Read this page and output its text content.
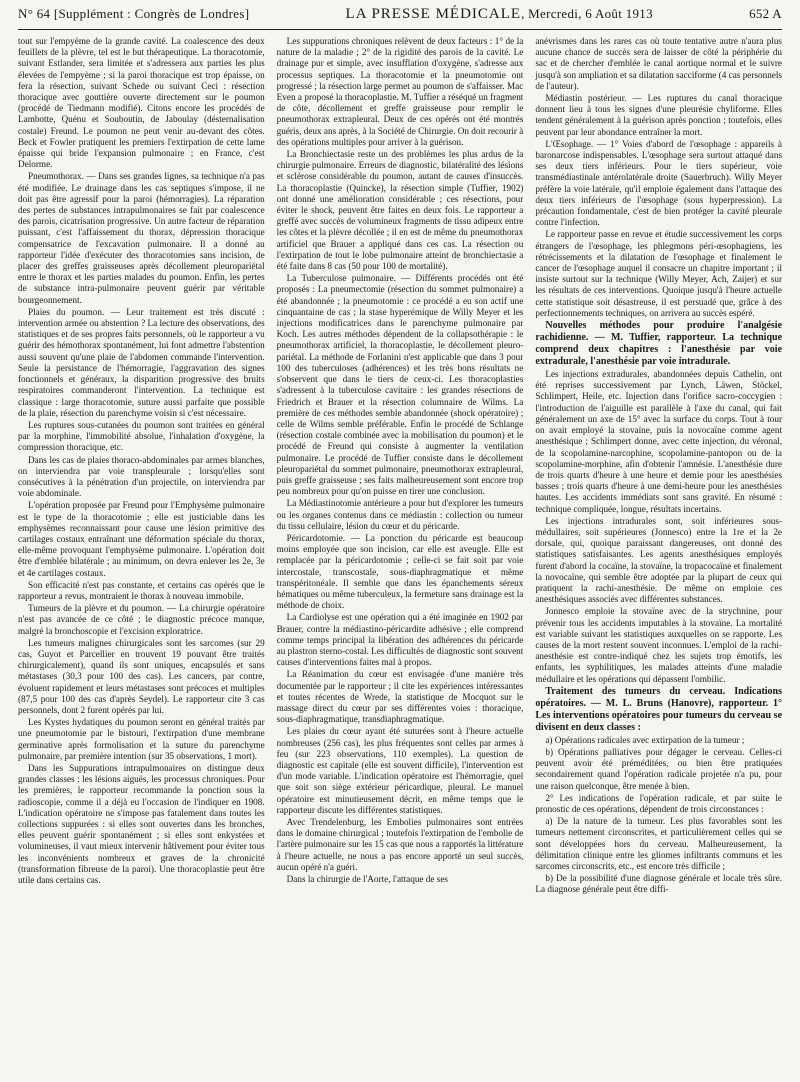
N° 64 [Supplément : Congrès de Londres]	LA PRESSE MÉDICALE, Mercredi, 6 Août 1913	652 A

tout sur l'empyème de la grande cavité. La coalescence des deux feuillets de la plèvre, tel est le but thérapeutique. La thoracotomie, suivant Estlander, sera limitée et s'adressera aux parties les plus élevées de l'empyème ; si la paroi thoracique est trop épaisse, on fera la résection, suivant Schede ou suivant Ceci : résection thoracique avec gouttière ouverte directement sur le poumon (procédé de Tiedmann modifié). Citons encore les procédés de Lambotte, Quénu et Souboutin, de Jaboulay (désternalisation costale) Freund. Le poumon ne peut venir au-devant des côtes. Beck et Fowler pratiquent les premiers l'extirpation de cette lame épaisse qui bride l'expansion pulmonaire ; en France, c'est Delorme.

Pneumothorax. — Dans ses grandes lignes, sa technique n'a pas été modifiée. Le drainage dans les cas septiques s'impose, il ne doit pas être agressif pour la paroi (hémorragies). La réparation des pertes de substances intrapulmonaires se fait par coalescence des parois, cicatrisation progressive. Un autre facteur de réparation puissant, c'est l'affaissement du thorax, dépression thoracique compensatrice de l'excavation pulmonaire. Il a donné au rapporteur l'idée d'exécuter des thoracotomies sans incision, de placer des greffes graisseuses après décollement pleuropariétal entre le thorax et les parties malades du poumon. Enfin, les pertes de substance intra-pulmonaire peuvent guérir par véritable bourgeonnement.

Plaies du poumon. — Leur traitement est très discuté : intervention armée ou abstention ? La lecture des observations, des statistiques et de ses propres faits personnels, où le rapporteur a vu guérir des hémothorax spontanément, lui font admettre l'abstention aussi souvent qu'une plaie de l'abdomen commande l'intervention. Seule la persistance de l'hémorragie, l'aggravation des signes fonctionnels et généraux, la disparition progressive des bruits respiratoires commanderont l'intervention. La technique est classique : large thoracotomie, suture aussi parfaite que possible de la plaie, résection du parenchyme voisin si c'est nécessaire.

Les ruptures sous-cutanées du poumon sont traitées en général par la morphine, l'immobilité absolue, l'inhalation d'oxygène, la compression thoracique, etc.

Dans les cas de plaies thoraco-abdominales par armes blanches, on interviendra par voie transpleurale ; lorsqu'elles sont consécutives à la pénétration d'un projectile, on interviendra par voie abdominale.

L'opération proposée par Freund pour l'Emphysème pulmonaire est le type de la thoracotomie ; elle est justiciable dans les emphysèmes reconnaissant pour cause une lésion primitive des cartilages costaux entraînant une déformation spéciale du thorax, elle-même provoquant l'emphysème pulmonaire. L'opération doit être d'emblée bilatérale ; au minimum, on devra enlever les 2e, 3e et 4e cartilages costaux.

Son efficacité n'est pas constante, et certains cas opérés que le rapporteur a revus, montraient le thorax à nouveau immobile.

Tumeurs de la plèvre et du poumon. — La chirurgie opératoire n'est pas avancée de ce côté ; le diagnostic précoce manque, malgré la bronchoscopie et l'excision exploratrice.

Les tumeurs malignes chirurgicales sont les sarcomes (sur 29 cas, Guyot et Parcellier en trouvent 19 pouvant être traités chirurgicalement), quand ils sont uniques, encapsulés et sans métastases (30,3 pour 100 des cas). Les cancers, par contre, évoluent rapidement et leurs métastases sont précoces et multiples (87,5 pour 100 des cas d'après Seydel). Le rapporteur cite 3 cas personnels, dont 2 furent opérés par lui.

Les Kystes hydatiques du poumon seront en général traités par une pneumotomie par le bistouri, l'extirpation d'une membrane germinative après formolisation et la suture du parenchyme pulmonaire, par première intention (sur 35 observations, 1 mort).

Dans les Suppurations intrapulmonaires on distingue deux grandes classes : les lésions aiguës, les processus chroniques. Pour les premières, le rapporteur recommande la ponction sous la radioscopie, comme il a déjà eu l'occasion de l'indiquer en 1908. L'indication opératoire ne s'impose pas fatalement dans toutes les collections suppurées : si elles sont ouvertes dans les bronches, elles peuvent guérir spontanément ; si elles sont enkystées et volumineuses, il vaut mieux intervenir hâtivement pour éviter tous les inconvénients nombreux et graves de la chronicité (transformation fibreuse de la paroi). Une thoracoplastie peut être utile dans certains cas.

Les suppurations chroniques relèvent de deux facteurs : 1° de la nature de la maladie ; 2° de la rigidité des parois de la cavité. Le drainage pur et simple, avec insufflation d'oxygène, s'adresse aux processus septiques. La thoracotomie et la pneumotomie ont progressé ; la résection large permet au poumon de s'affaisser. Mac Even a proposé la thoracoplastie. M. Tuffier a réséqué un fragment de côte, décollement et greffe graisseuse pour remplir le pneumothorax extrapleural. Deux de ces opérés ont été montrés guéris, deux ans après, à la Société de Chirurgie. On doit recourir à des opérations multiples pour arriver à la guérison.

La Bronchiectasie reste un des problèmes les plus ardus de la chirurgie pulmonaire. Erreurs de diagnostic, bilatéralité des lésions et sclérose considérable du poumon, autant de causes d'insuccès. La thoracoplastie (Quincke), la résection simple (Tuffier, 1902) ont donné une amélioration considérable ; ces résections, pour éviter le shock, peuvent être faites en deux fois. Le rapporteur a greffé avec succès de volumineux fragments de tissu adipeux entre les côtes et la plèvre décollée ; il en est de même du pneumothorax artificiel que Brauer a appliqué dans ces cas. La résection ou l'extirpation de tout le lobe pulmonaire atteint de bronchiectasie a été faite dans 8 cas (50 pour 100 de mortalité).

La Tuberculose pulmonaire. — Différents procédés ont été proposés : La pneumectomie (résection du sommet pulmonaire) a été abandonnée ; la pneumotomie : ce procédé a eu son actif une cinquantaine de cas ; la stase hyperémique de Willy Meyer et les injections modificatrices dans le parenchyme pulmonaire par Koch. Les autres méthodes dépendent de la collapsothérapie : le pneumothorax artificiel, la thoracoplastie, le décollement pleuro-pariétal. La méthode de Forlanini n'est applicable que dans 3 pour 100 des tuberculoses (adhérences) et les très bons résultats ne s'observent que dans le tiers de ceux-ci. Les thoracoplasties s'adressent à la tuberculose cavitaire : les grandes résections de Friedrich et Brauer et la résection columnaire de Wilms. La première de ces méthodes semble abandonnée (shock opératoire) ; celle de Wilms semble préférable. Enfin le procédé de Schlange (résection costale combinée avec la mobilisation du poumon) et le procédé de Freund qui consiste à augmenter la ventilation pulmonaire. Le procédé de Tuffier consiste dans le décollement pleuropariétal du sommet pulmonaire, pneumothorax extrapleural, puis greffe graisseuse ; ses faits malheureusement sont encore trop peu nombreux pour qu'on puisse en tirer une conclusion.

La Médiastinotomie antérieure a pour but d'explorer les tumeurs ou les organes contenus dans ce médiastin : collection ou tumeur du tissu cellulaire, lésion du cœur et du péricarde.

Péricardotomie. — La ponction du péricarde est beaucoup moins employée que son incision, car elle est aveugle. Elle est remplacée par la péricardotomie ; celle-ci se fait soit par voie intercostale, transcostale, sous-diaphragmatique et même transpéritonéale. Il semble que dans les épanchements séreux hématiques ou même tuberculeux, la fermeture sans drainage est la méthode de choix.

La Cardiolyse est une opération qui a été imaginée en 1902 par Brauer, contre la médiastino-péricardite adhésive ; elle comprend comme temps principal la libération des adhérences du péricarde au plastron sterno-costal. Les difficultés de diagnostic sont souvent causes d'interventions faites mal à propos.

La Réanimation du cœur est envisagée d'une manière très documentée par le rapporteur ; il cite les expériences intéressantes et toutes récentes de Wrede, la statistique de Mocquot sur le massage direct du cœur par ses différentes voies : thoracique, sous-diaphragmatique, transdiaphragmatique.

Les plaies du cœur ayant été suturées sont à l'heure actuelle nombreuses (256 cas), les plus fréquentes sont celles par armes à feu (sur 223 observations, 110 exemples). La question de diagnostic est capitale (elle est souvent difficile), l'intervention est d'un mode variable. L'indication opératoire est l'hémorragie, quel que soit son siège extérieur péricardique, pleural. Le manuel opératoire est minutieusement décrit, en même temps que le rapporteur discute les différentes statistiques.

Avec Trendelenburg, les Embolies pulmonaires sont entrées dans le domaine chirurgical ; toutefois l'extirpation de l'embolie de l'artère pulmonaire sur les 15 cas que nous a rapportés la littérature à l'heure actuelle, ne nous a pas encore apporté un seul succès, aucun opéré n'a guéri.

Dans la chirurgie de l'Aorte, l'attaque de ses

anévrismes dans les rares cas où toute tentative autre n'aura plus aucune chance de succès sera de laisser de côté la périphérie du sac et de chercher d'emblée le canal aortique normal et le suivre jusqu'à son ampliation et sa dilatation sacciforme (4 cas personnels de l'auteur).

Médiastin postérieur. — Les ruptures du canal thoracique donnent lieu à tous les signes d'une pleurésie chyliforme. Elles tendent généralement à la guérison après ponction ; toutefois, elles peuvent par leur abondance entraîner la mort.

L'Œsophage. — 1° Voies d'abord de l'œsophage : appareils à baronarcose indispensables. L'œsophage sera surtout attaqué dans ses deux tiers inférieurs. Pour le tiers supérieur, voie transmédiastinale antérolatérale droite (Sauerbruch). Willy Meyer préfère la voie latérale, qu'il emploie également dans l'attaque des deux tiers inférieurs de l'œsophage (sous hyperpression). La précaution fondamentale, c'est de bien protéger la cavité pleurale contre l'infection.

Le rapporteur passe en revue et étudie successivement les corps étrangers de l'œsophage, les phlegmons péri-œsophagiens, les rétrécissements et la dilatation de l'œsophage et finalement le cancer de l'œsophage auquel il consacre un chapitre important ; il insiste surtout sur la technique (Willy Meyer, Ach, Zaijer) et sur les résultats de ces interventions. Quoique jusqu'à l'heure actuelle cette statistique soit désastreuse, il est persuadé que, grâce à des perfectionnements techniques, on arrivera au succès espéré.

Nouvelles méthodes pour produire l'analgésie rachidienne. — M. Tuffier, rapporteur. La technique comprend deux chapitres : l'anesthésie par voie extradurale, l'anesthésie par voie intradurale.

Les injections extradurales, abandonnées depuis Cathelin, ont été reprises successivement par Lynch, Läwen, Stöckel, Schlimpert, Heile, etc. Injection dans l'orifice sacro-coccygien : l'introduction de l'aiguille est parallèle à l'axe du canal, qui fait généralement un axe de 15° avec la surface du corps. Tout à tour on avait employé la stovaïne, puis la novocaïne comme agent anesthésique ; Schlimpert donne, avec cette injection, du véronal, de la scopolamine-narcophine, scopolamine-pantopon ou de la scopolamine-morphine, afin d'obtenir l'amnésie. L'anesthésie dure de trois quarts d'heure à une heure et demie pour les anesthésies basses ; trois quarts d'heure à une demi-heure pour les anesthésies hautes. Les accidents immédiats sont sans gravité. En résumé : technique compliquée, longue, résultats incertains.

Les injections intradurales sont, soit inférieures sous-médullaires, soit supérieures (Jonnesco) entre la 1re et la 2e dorsale, qui, quoique paraissant dangereuses, ont donné des statistiques satisfaisantes. Les agents anesthésiques employés furent d'abord la cocaïne, la stovaïne, la tropacocaïne et finalement la novocaïne, qui semble être adoptée par la plupart de ceux qui pratiquent la rachi-anesthésie. De même on emploie ces anesthésiques associés avec différentes substances.

Jonnesco emploie la stovaïne avec de la strychnine, pour prévenir tous les accidents imputables à la stovaïne. La mortalité est variable suivant les statistiques auxquelles on se rapporte. Les causes de la mort restent souvent inconnues. L'emploi de la rachi-anesthésie est contre-indiqué chez les sujets trop émotifs, les enfants, les syphilitiques, les malades atteints d'une maladie médullaire et les opérations qui dépassent l'ombilic.

Traitement des tumeurs du cerveau. Indications opératoires. — M. L. Bruns (Hanovre), rapporteur. 1° Les interventions opératoires pour tumeurs du cerveau se divisent en deux classes :

a) Opérations radicales avec extirpation de la tumeur ;

b) Opérations palliatives pour dégager le cerveau. Celles-ci peuvent avoir été préméditées, ou bien être pratiquées secondairement quand l'opération radicale projetée n'a pu, pour une raison quelconque, être menée à bien.

2° Les indications de l'opération radicale, et par suite le pronostic de ces opérations, dépendent de trois circonstances :

a) De la nature de la tumeur. Les plus favorables sont les tumeurs nettement circonscrites, et particulièrement celles qui se sont développées hors du cerveau. Malheureusement, la délimitation clinique entre les gliomes infiltrants communs et les sarcomes circonscrits, etc., est encore très difficile ;

b) De la possibilité d'une diagnose générale et locale très sûre. La diagnose générale peut être diffi-
